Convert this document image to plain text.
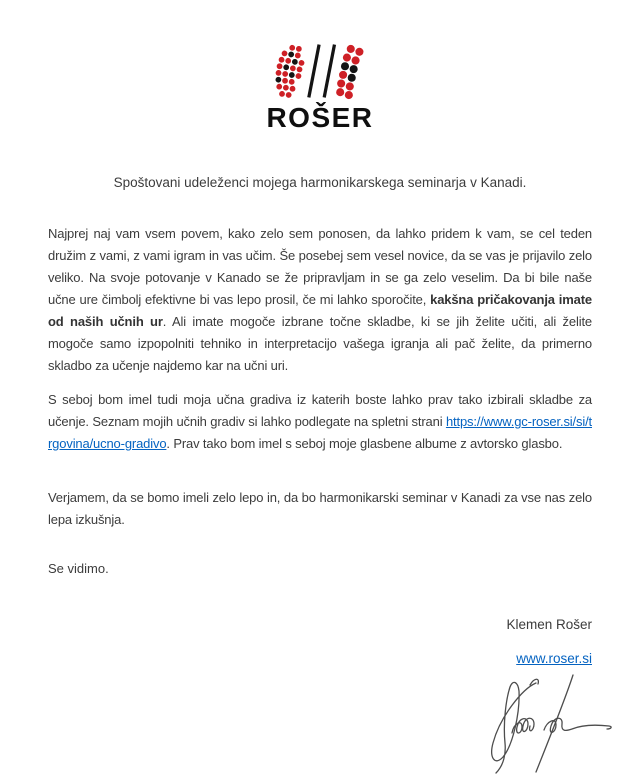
ROŠER
Spoštovani udeleženci mojega harmonikarskega seminarja v Kanadi.

Najprej naj vam vsem povem, kako zelo sem ponosen, da lahko pridem k vam, se cel teden družim z vami, z vami igram in vas učim. Še posebej sem vesel novice, da se vas je prijavilo zelo veliko. Na svoje potovanje v Kanado se že pripravljam in se ga zelo veselim. Da bi bile naše učne ure čimbolj efektivne bi vas lepo prosil, če mi lahko sporočite, kakšna pričakovanja imate od naših učnih ur. Ali imate mogoče izbrane točne skladbe, ki se jih želite učiti, ali želite mogoče samo izpopolniti tehniko in interpretacijo vašega igranja ali pač želite, da primerno skladbo za učenje najdemo kar na učni uri.

S seboj bom imel tudi moja učna gradiva iz katerih boste lahko prav tako izbirali skladbe za učenje. Seznam mojih učnih gradiv si lahko podlegate na spletni strani https://www.gc-roser.si/si/trgovina/ucno-gradivo. Prav tako bom imel s seboj moje glasbene albume z avtorsko glasbo.

Verjamem, da se bomo imeli zelo lepo in, da bo harmonikarski seminar v Kanadi za vse nas zelo lepa izkušnja.

Se vidimo.
Klemen Rošer
www.roser.si
